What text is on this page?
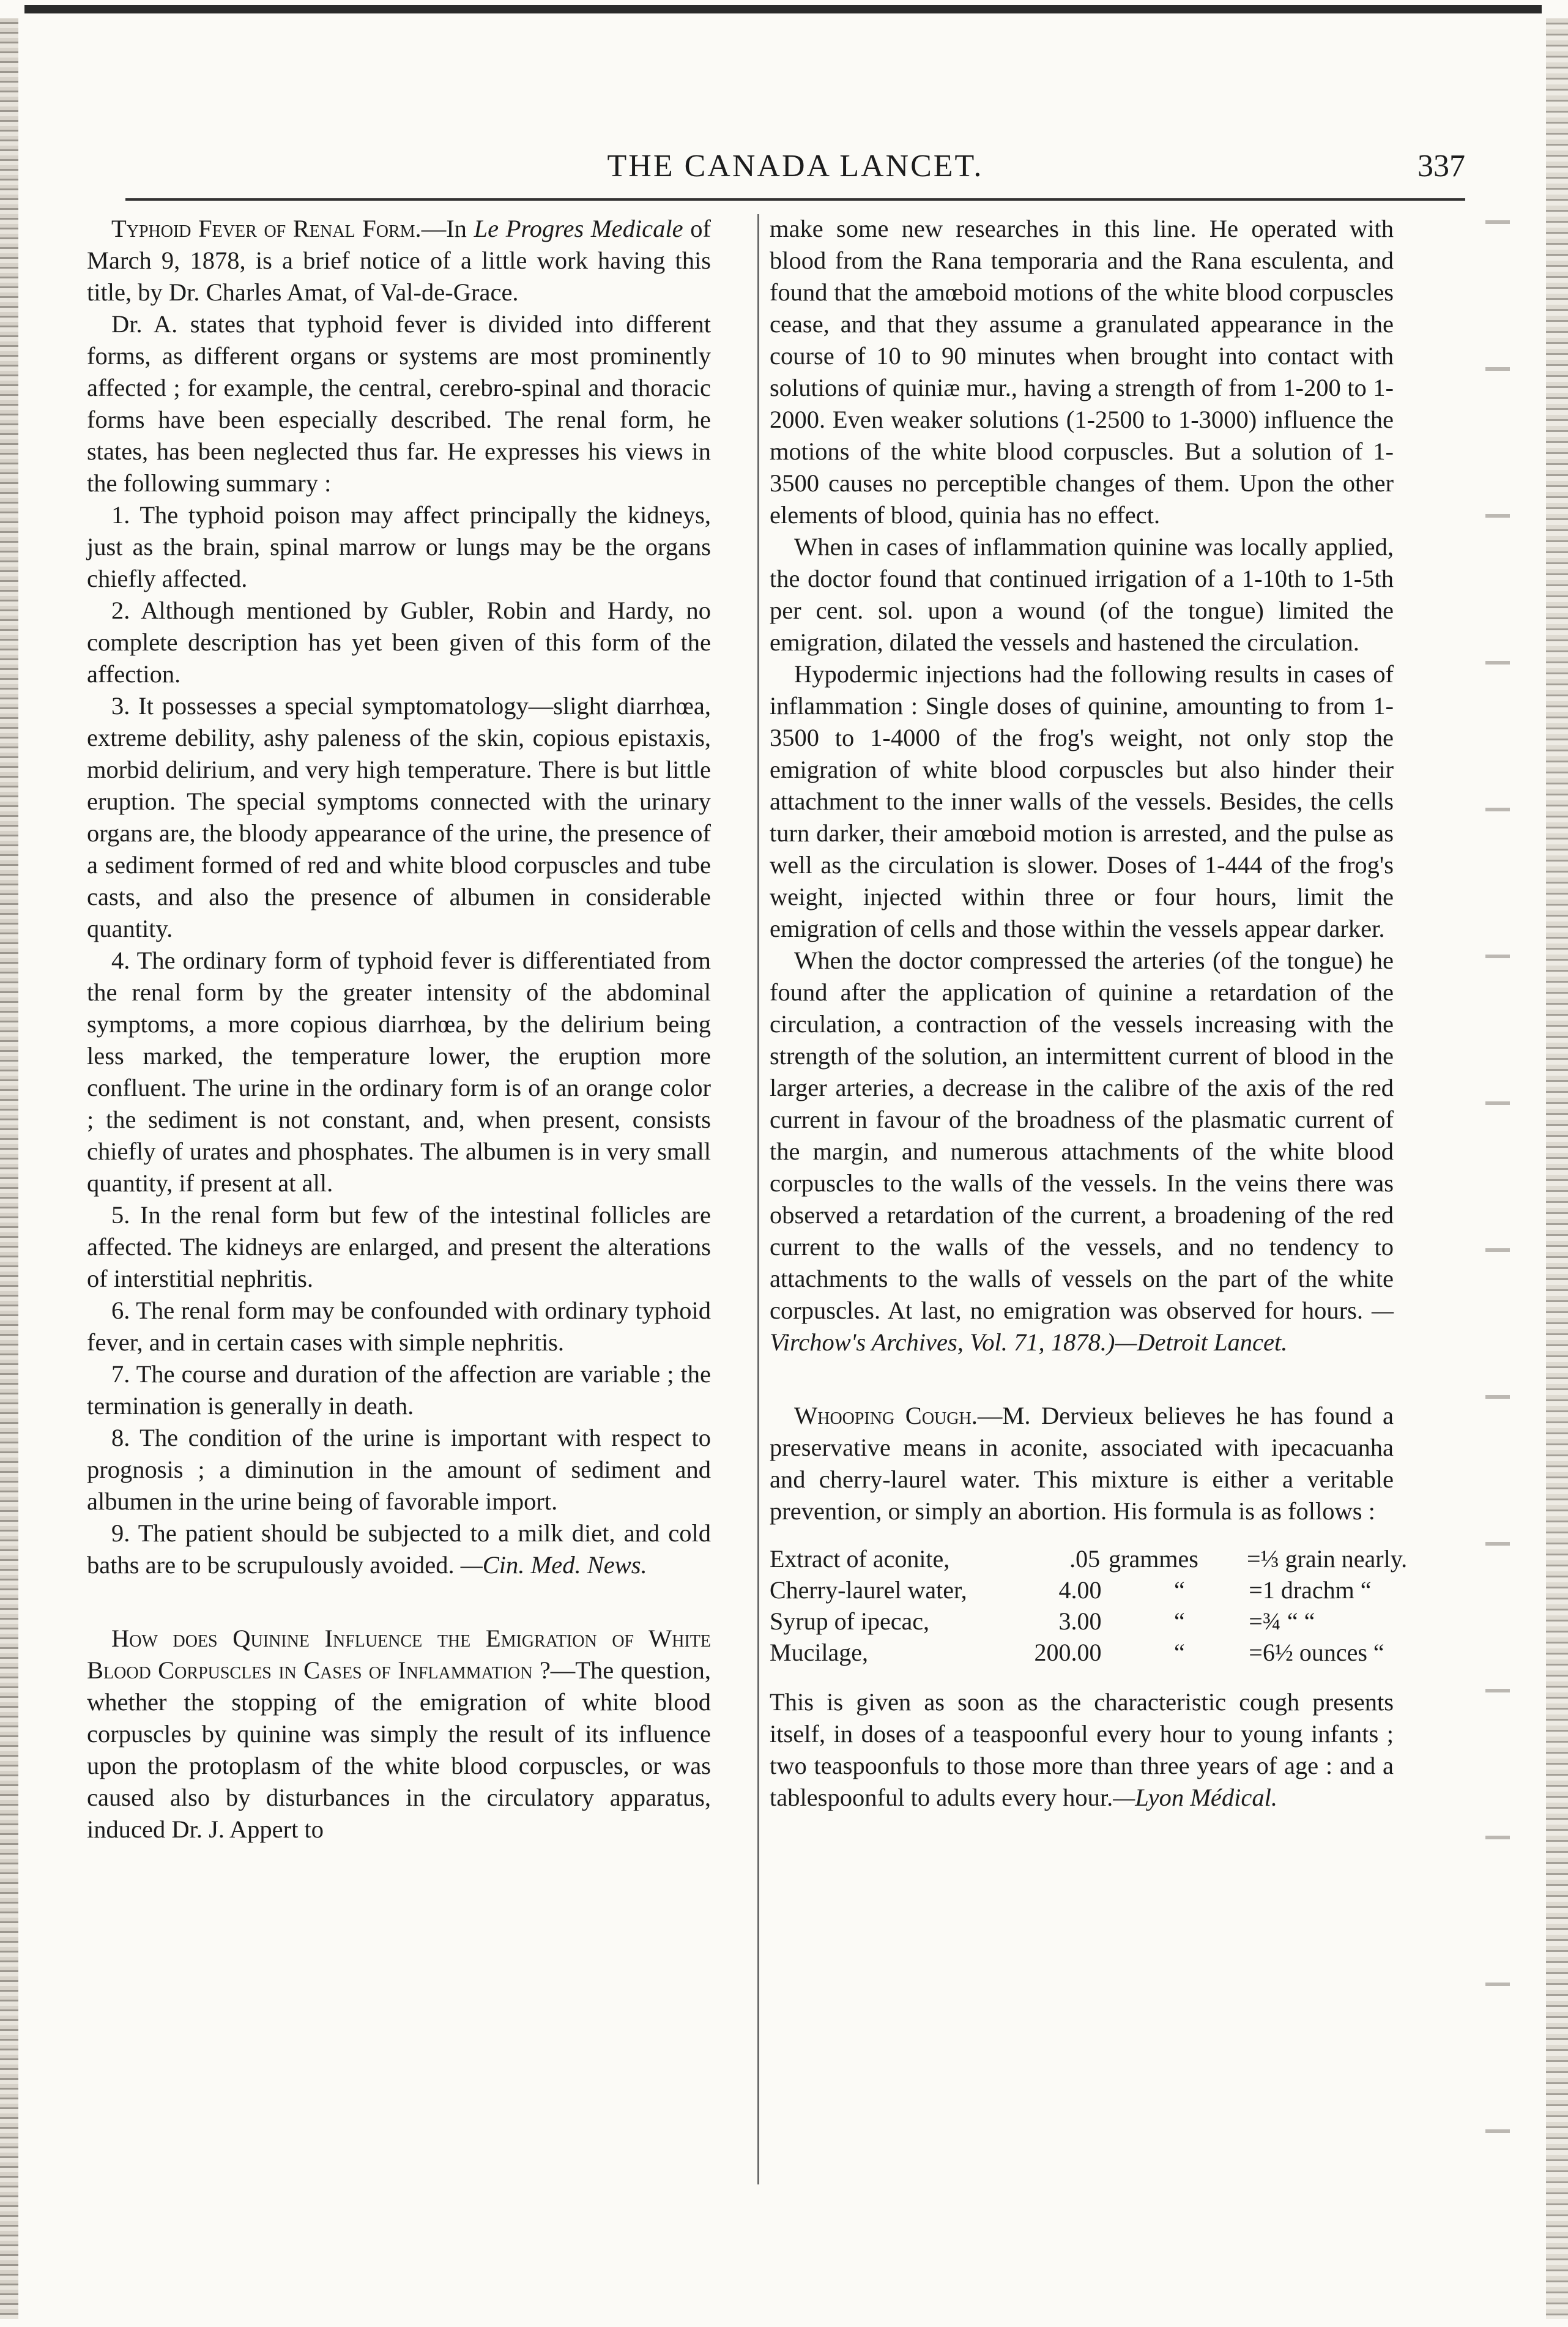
THE CANADA LANCET.	337

Typhoid Fever of Renal Form.—In Le Progres Medicale of March 9, 1878, is a brief notice of a little work having this title, by Dr. Charles Amat, of Val-de-Grace.

Dr. A. states that typhoid fever is divided into different forms, as different organs or systems are most prominently affected ; for example, the central, cerebro-spinal and thoracic forms have been especially described. The renal form, he states, has been neglected thus far. He expresses his views in the following summary :

1. The typhoid poison may affect principally the kidneys, just as the brain, spinal marrow or lungs may be the organs chiefly affected.

2. Although mentioned by Gubler, Robin and Hardy, no complete description has yet been given of this form of the affection.

3. It possesses a special symptomatology—slight diarrhœa, extreme debility, ashy paleness of the skin, copious epistaxis, morbid delirium, and very high temperature. There is but little eruption. The special symptoms connected with the urinary organs are, the bloody appearance of the urine, the presence of a sediment formed of red and white blood corpuscles and tube casts, and also the presence of albumen in considerable quantity.

4. The ordinary form of typhoid fever is differentiated from the renal form by the greater intensity of the abdominal symptoms, a more copious diarrhœa, by the delirium being less marked, the temperature lower, the eruption more confluent. The urine in the ordinary form is of an orange color ; the sediment is not constant, and, when present, consists chiefly of urates and phosphates. The albumen is in very small quantity, if present at all.

5. In the renal form but few of the intestinal follicles are affected. The kidneys are enlarged, and present the alterations of interstitial nephritis.

6. The renal form may be confounded with ordinary typhoid fever, and in certain cases with simple nephritis.

7. The course and duration of the affection are variable ; the termination is generally in death.

8. The condition of the urine is important with respect to prognosis ; a diminution in the amount of sediment and albumen in the urine being of favorable import.

9. The patient should be subjected to a milk diet, and cold baths are to be scrupulously avoided. —Cin. Med. News.

How does Quinine Influence the Emigration of White Blood Corpuscles in Cases of Inflammation ?—The question, whether the stopping of the emigration of white blood corpuscles by quinine was simply the result of its influence upon the protoplasm of the white blood corpuscles, or was caused also by disturbances in the circulatory apparatus, induced Dr. J. Appert to

make some new researches in this line. He operated with blood from the Rana temporaria and the Rana esculenta, and found that the amœboid motions of the white blood corpuscles cease, and that they assume a granulated appearance in the course of 10 to 90 minutes when brought into contact with solutions of quiniæ mur., having a strength of from 1-200 to 1-2000. Even weaker solutions (1-2500 to 1-3000) influence the motions of the white blood corpuscles. But a solution of 1-3500 causes no perceptible changes of them. Upon the other elements of blood, quinia has no effect.

When in cases of inflammation quinine was locally applied, the doctor found that continued irrigation of a 1-10th to 1-5th per cent. sol. upon a wound (of the tongue) limited the emigration, dilated the vessels and hastened the circulation.

Hypodermic injections had the following results in cases of inflammation : Single doses of quinine, amounting to from 1-3500 to 1-4000 of the frog's weight, not only stop the emigration of white blood corpuscles but also hinder their attachment to the inner walls of the vessels. Besides, the cells turn darker, their amœboid motion is arrested, and the pulse as well as the circulation is slower. Doses of 1-444 of the frog's weight, injected within three or four hours, limit the emigration of cells and those within the vessels appear darker.

When the doctor compressed the arteries (of the tongue) he found after the application of quinine a retardation of the circulation, a contraction of the vessels increasing with the strength of the solution, an intermittent current of blood in the larger arteries, a decrease in the calibre of the axis of the red current in favour of the broadness of the plasmatic current of the margin, and numerous attachments of the white blood corpuscles to the walls of the vessels. In the veins there was observed a retardation of the current, a broadening of the red current to the walls of the vessels, and no tendency to attachments to the walls of vessels on the part of the white corpuscles. At last, no emigration was observed for hours. — Virchow's Archives, Vol. 71, 1878.)—Detroit Lancet.

Whooping Cough.—M. Dervieux believes he has found a preservative means in aconite, associated with ipecacuanha and cherry-laurel water. This mixture is either a veritable prevention, or simply an abortion. His formula is as follows :

Extract of aconite,	.05 grammes	=⅓ grain nearly.
Cherry-laurel water,	4.00	“	=1 drachm “
Syrup of ipecac,	3.00	“	=¾ “ “
Mucilage,	200.00	“	=6½ ounces “

This is given as soon as the characteristic cough presents itself, in doses of a teaspoonful every hour to young infants ; two teaspoonfuls to those more than three years of age : and a tablespoonful to adults every hour.—Lyon Médical.
